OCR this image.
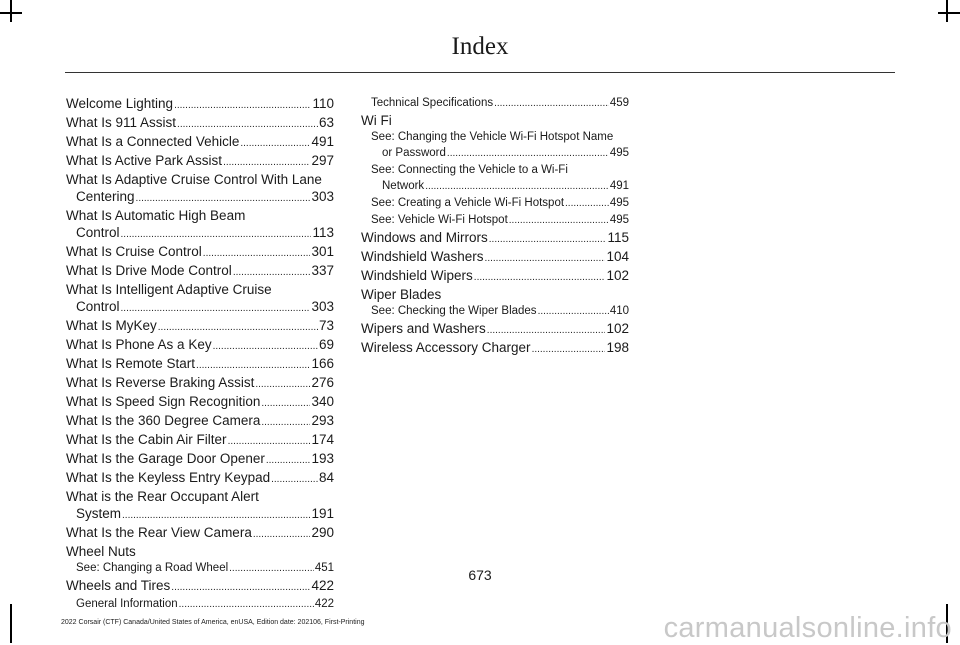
Index
Welcome Lighting .....	110
What Is 911 Assist .....	63
What Is a Connected Vehicle .....	491
What Is Active Park Assist .....	297
What Is Adaptive Cruise Control With Lane
Centering .....	303
What Is Automatic High Beam
Control .....	113
What Is Cruise Control .....	301
What Is Drive Mode Control .....	337
What Is Intelligent Adaptive Cruise
Control .....	303
What Is MyKey .....	73
What Is Phone As a Key .....	69
What Is Remote Start .....	166
What Is Reverse Braking Assist .....	276
What Is Speed Sign Recognition .....	340
What Is the 360 Degree Camera .....	293
What Is the Cabin Air Filter .....	174
What Is the Garage Door Opener .....	193
What Is the Keyless Entry Keypad .....	84
What is the Rear Occupant Alert
System .....	191
What Is the Rear View Camera .....	290
Wheel Nuts
See: Changing a Road Wheel .....	451
Wheels and Tires .....	422
General Information .....	422
Technical Specifications .....	459
Wi Fi
See: Changing the Vehicle Wi-Fi Hotspot Name
or Password .....	495
See: Connecting the Vehicle to a Wi-Fi
Network .....	491
See: Creating a Vehicle Wi-Fi Hotspot .....	495
See: Vehicle Wi-Fi Hotspot .....	495
Windows and Mirrors .....	115
Windshield Washers .....	104
Windshield Wipers .....	102
Wiper Blades
See: Checking the Wiper Blades .....	410
Wipers and Washers .....	102
Wireless Accessory Charger .....	198
673
2022 Corsair (CTF) Canada/United States of America, enUSA, Edition date: 202106, First-Printing	carmanualsonline.info
